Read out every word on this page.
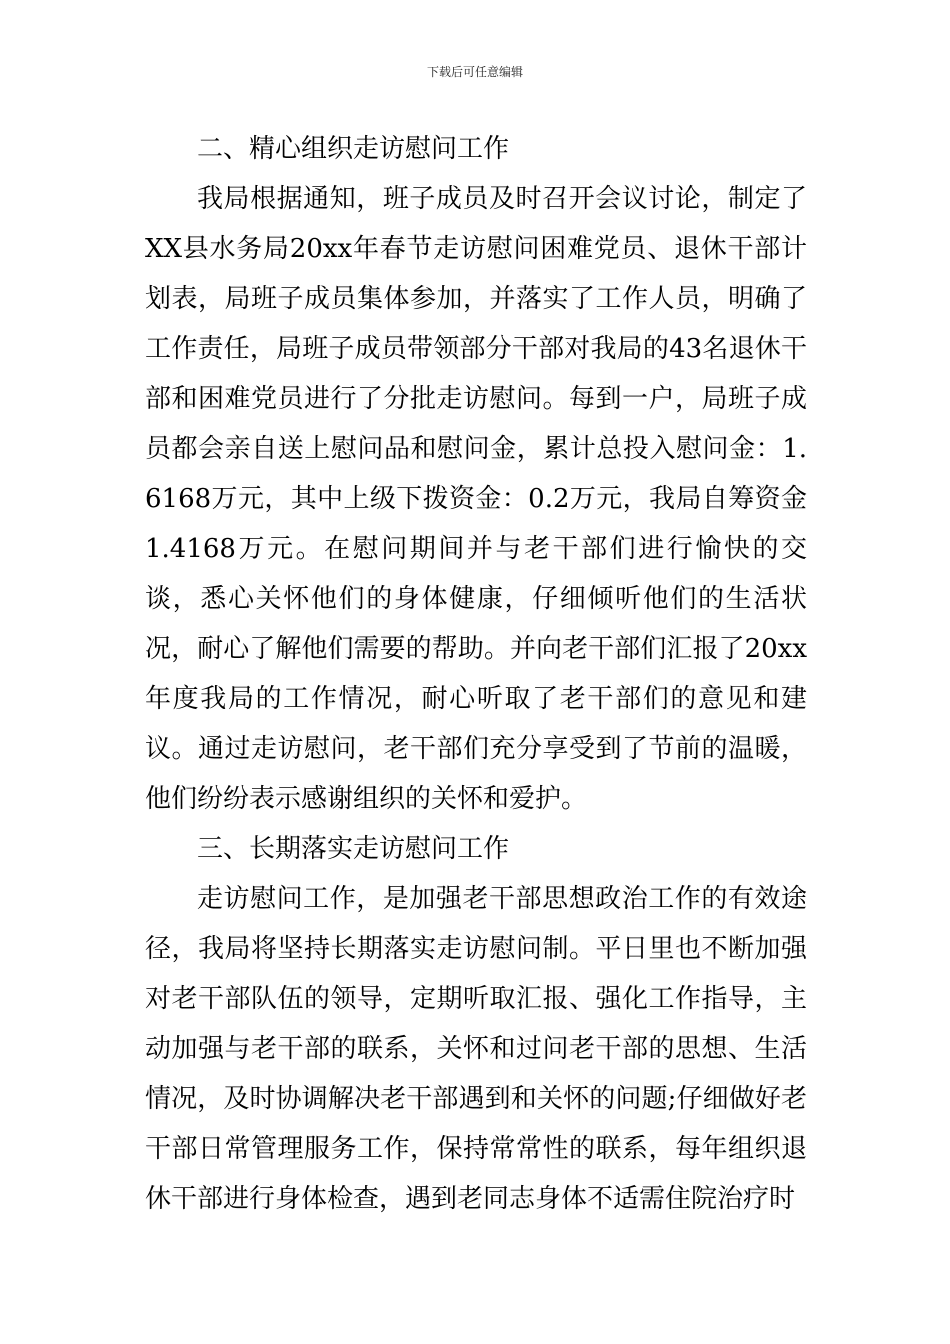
下载后可任意编辑

二、精心组织走访慰问工作

我局根据通知，班子成员及时召开会议讨论，制定了XX县水务局20xx年春节走访慰问困难党员、退休干部计划表，局班子成员集体参加，并落实了工作人员，明确了工作责任，局班子成员带领部分干部对我局的43名退休干部和困难党员进行了分批走访慰问。每到一户，局班子成员都会亲自送上慰问品和慰问金，累计总投入慰问金：1.6168万元，其中上级下拨资金：0.2万元，我局自筹资金1.4168万元。在慰问期间并与老干部们进行愉快的交谈，悉心关怀他们的身体健康，仔细倾听他们的生活状况，耐心了解他们需要的帮助。并向老干部们汇报了20xx年度我局的工作情况，耐心听取了老干部们的意见和建议。通过走访慰问，老干部们充分享受到了节前的温暖，他们纷纷表示感谢组织的关怀和爱护。

三、长期落实走访慰问工作

走访慰问工作，是加强老干部思想政治工作的有效途径，我局将坚持长期落实走访慰问制。平日里也不断加强对老干部队伍的领导，定期听取汇报、强化工作指导，主动加强与老干部的联系，关怀和过问老干部的思想、生活情况，及时协调解决老干部遇到和关怀的问题;仔细做好老干部日常管理服务工作，保持常常性的联系，每年组织退休干部进行身体检查，遇到老同志身体不适需住院治疗时
